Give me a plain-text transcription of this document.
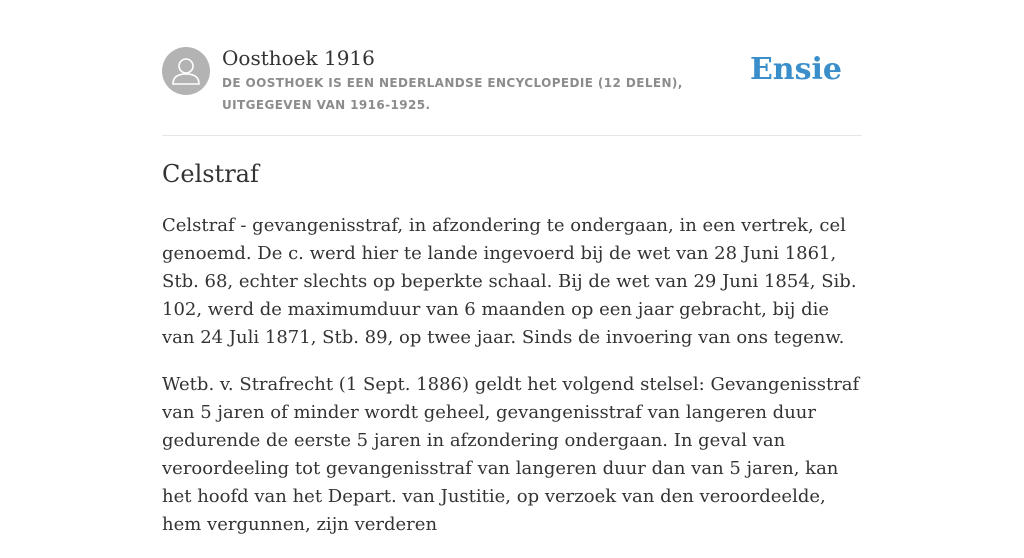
Oosthoek 1916
DE OOSTHOEK IS EEN NEDERLANDSE ENCYCLOPEDIE (12 DELEN), UITGEGEVEN VAN 1916-1925.
Ensie
Celstraf

Celstraf - gevangenisstraf, in afzondering te ondergaan, in een vertrek, cel genoemd. De c. werd hier te lande ingevoerd bij de wet van 28 Juni 1861, Stb. 68, echter slechts op beperkte schaal. Bij de wet van 29 Juni 1854, Sib. 102, werd de maximumduur van 6 maanden op een jaar gebracht, bij die van 24 Juli 1871, Stb. 89, op twee jaar. Sinds de invoering van ons tegenw.

Wetb. v. Strafrecht (1 Sept. 1886) geldt het volgend stelsel: Gevangenisstraf van 5 jaren of minder wordt geheel, gevangenisstraf van langeren duur gedurende de eerste 5 jaren in afzondering ondergaan. In geval van veroordeeling tot gevangenisstraf van langeren duur dan van 5 jaren, kan het hoofd van het Depart. van Justitie, op verzoek van den veroordeelde, hem vergunnen, zijn verderen
